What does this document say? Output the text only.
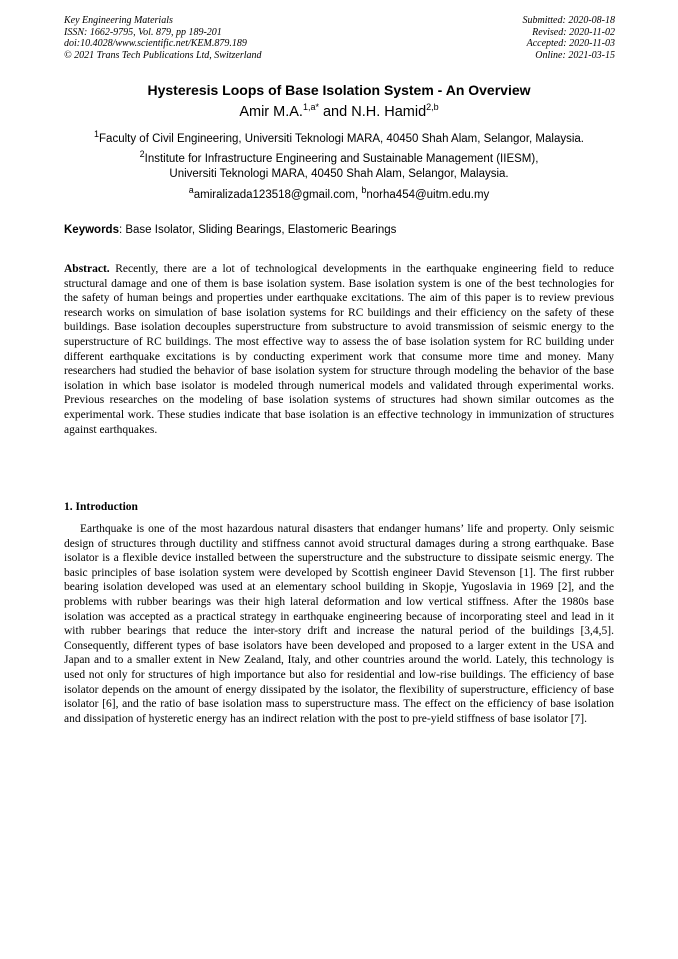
Key Engineering Materials
ISSN: 1662-9795, Vol. 879, pp 189-201
doi:10.4028/www.scientific.net/KEM.879.189
© 2021 Trans Tech Publications Ltd, Switzerland
Submitted: 2020-08-18
Revised: 2020-11-02
Accepted: 2020-11-03
Online: 2021-03-15
Hysteresis Loops of Base Isolation System - An Overview
Amir M.A.$^{1,a*}$ and N.H. Hamid$^{2,b}$
$^1$Faculty of Civil Engineering, Universiti Teknologi MARA, 40450 Shah Alam, Selangor, Malaysia.
$^2$Institute for Infrastructure Engineering and Sustainable Management (IIESM),
Universiti Teknologi MARA, 40450 Shah Alam, Selangor, Malaysia.
$^a$amiralizada123518@gmail.com, $^b$norha454@uitm.edu.my
Keywords: Base Isolator, Sliding Bearings, Elastomeric Bearings

Abstract. Recently, there are a lot of technological developments in the earthquake engineering field to reduce structural damage and one of them is base isolation system. Base isolation system is one of the best technologies for the safety of human beings and properties under earthquake excitations. The aim of this paper is to review previous research works on simulation of base isolation systems for RC buildings and their efficiency on the safety of these buildings. Base isolation decouples superstructure from substructure to avoid transmission of seismic energy to the superstructure of RC buildings. The most effective way to assess the of base isolation system for RC building under different earthquake excitations is by conducting experiment work that consume more time and money. Many researchers had studied the behavior of base isolation system for structure through modeling the behavior of the base isolation in which base isolator is modeled through numerical models and validated through experimental works. Previous researches on the modeling of base isolation systems of structures had shown similar outcomes as the experimental work. These studies indicate that base isolation is an effective technology in immunization of structures against earthquakes.

1. Introduction

Earthquake is one of the most hazardous natural disasters that endanger humans’ life and property. Only seismic design of structures through ductility and stiffness cannot avoid structural damages during a strong earthquake. Base isolator is a flexible device installed between the superstructure and the substructure to dissipate seismic energy. The basic principles of base isolation system were developed by Scottish engineer David Stevenson [1]. The first rubber bearing isolation developed was used at an elementary school building in Skopje, Yugoslavia in 1969 [2], and the problems with rubber bearings was their high lateral deformation and low vertical stiffness. After the 1980s base isolation was accepted as a practical strategy in earthquake engineering because of incorporating steel and lead in it with rubber bearings that reduce the inter-story drift and increase the natural period of the buildings [3,4,5]. Consequently, different types of base isolators have been developed and proposed to a larger extent in the USA and Japan and to a smaller extent in New Zealand, Italy, and other countries around the world. Lately, this technology is used not only for structures of high importance but also for residential and low-rise buildings. The efficiency of base isolator depends on the amount of energy dissipated by the isolator, the flexibility of superstructure, efficiency of base isolator [6], and the ratio of base isolation mass to superstructure mass. The effect on the efficiency of base isolation and dissipation of hysteretic energy has an indirect relation with the post to pre-yield stiffness of base isolator [7].
